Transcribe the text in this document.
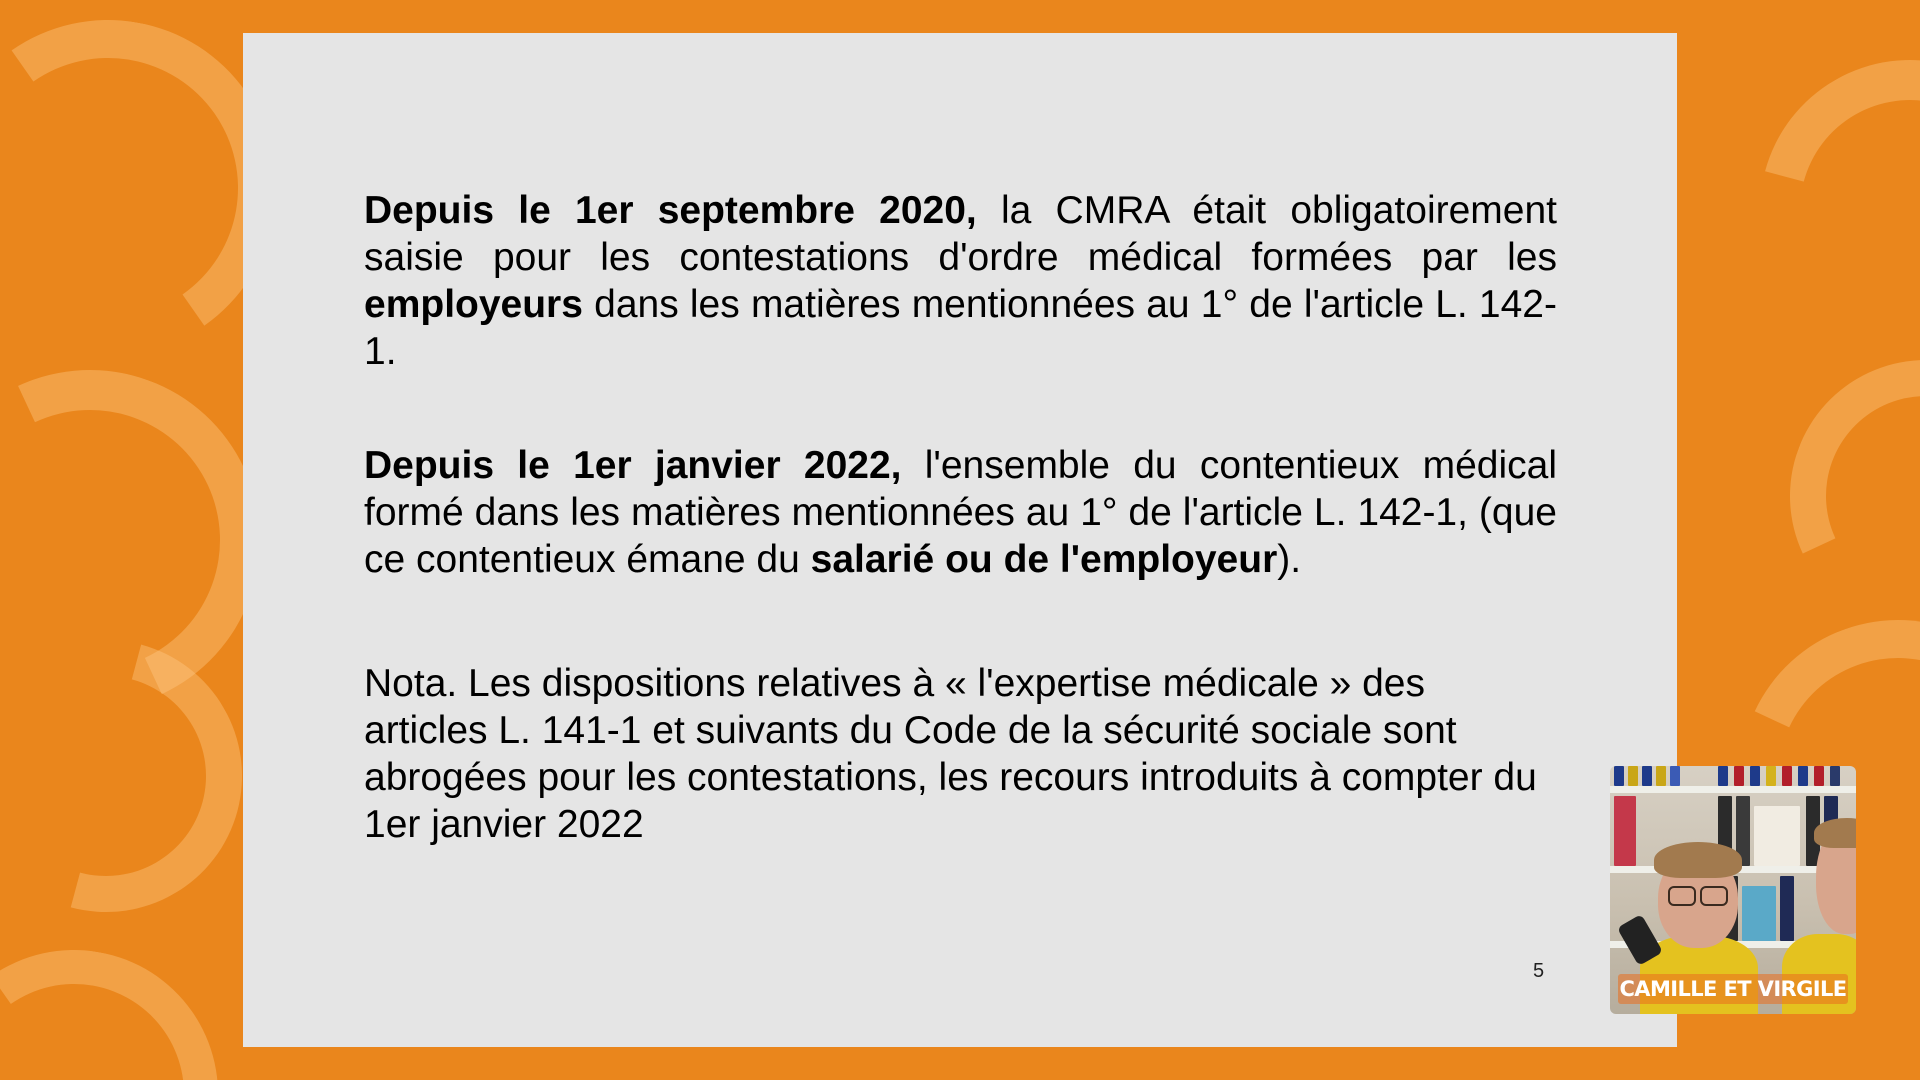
Depuis le 1er septembre 2020, la CMRA était obligatoirement saisie pour les contestations d'ordre médical formées par les employeurs dans les matières mentionnées au 1° de l'article L. 142-1.

Depuis le 1er janvier 2022, l'ensemble du contentieux médical formé dans les matières mentionnées au 1° de l'article L. 142-1, (que ce contentieux émane du salarié ou de l'employeur).

Nota. Les dispositions relatives à « l'expertise médicale » des articles L. 141-1 et suivants du Code de la sécurité sociale sont abrogées pour les contestations, les recours introduits à compter du 1er janvier 2022

5
CAMILLE ET VIRGILE
